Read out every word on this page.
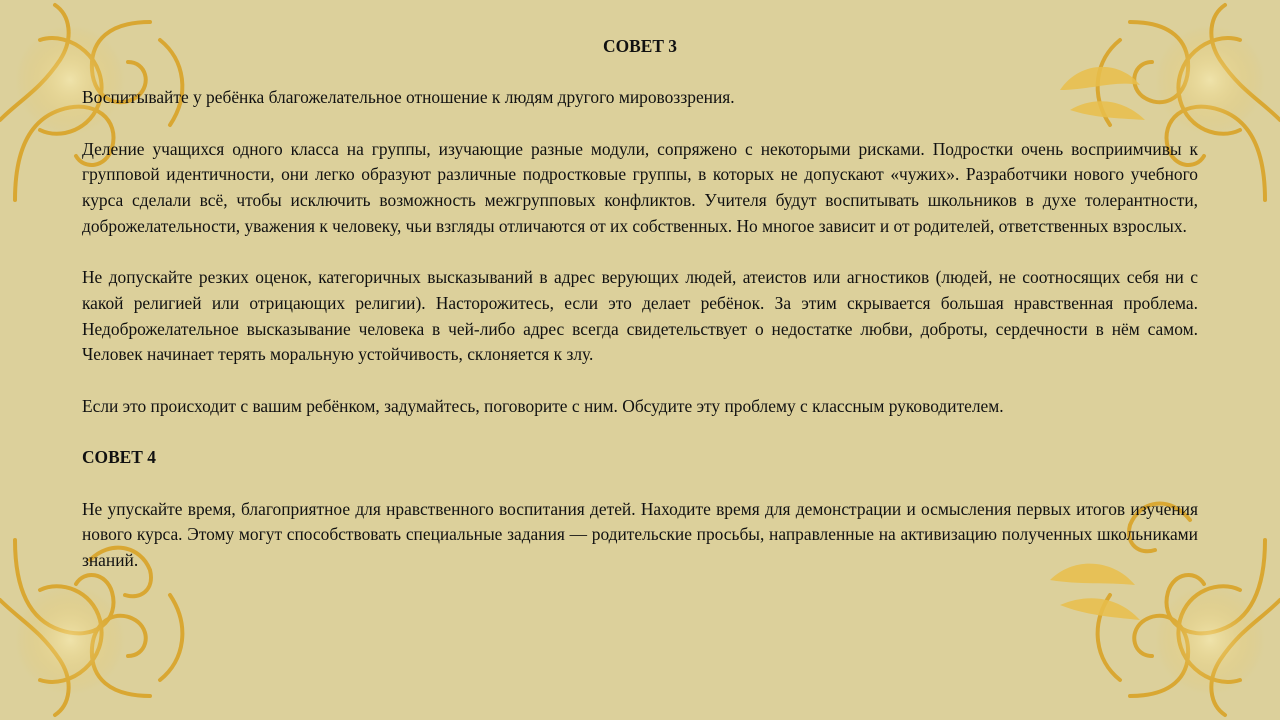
СОВЕТ 3

Воспитывайте у ребёнка благожелательное отношение к людям другого мировоззрения.

Деление учащихся одного класса на группы, изучающие разные модули, сопряжено с некоторыми рисками. Подростки очень восприимчивы к групповой идентичности, они легко образуют различные подростковые группы, в которых не допускают «чужих». Разработчики нового учебного курса сделали всё, чтобы исключить возможность межгрупповых конфликтов. Учителя будут воспитывать школьников в духе толерантности, доброжелательности, уважения к человеку, чьи взгляды отличаются от их собственных. Но многое зависит и от родителей, ответственных взрослых.

Не допускайте резких оценок, категоричных высказываний в адрес верующих людей, атеистов или агностиков (людей, не соотносящих себя ни с какой религией или отрицающих религии). Насторожитесь, если это делает ребёнок. За этим скрывается большая нравственная проблема. Недоброжелательное высказывание человека в чей-либо адрес всегда свидетельствует о недостатке любви, доброты, сердечности в нём самом. Человек начинает терять моральную устойчивость, склоняется к злу.

Если это происходит с вашим ребёнком, задумайтесь, поговорите с ним. Обсудите эту проблему с классным руководителем.

СОВЕТ 4

Не упускайте время, благоприятное для нравственного воспитания детей. Находите время для демонстрации и осмысления первых итогов изучения нового курса. Этому могут способствовать специальные задания — родительские просьбы, направленные на активизацию полученных школьниками знаний.
